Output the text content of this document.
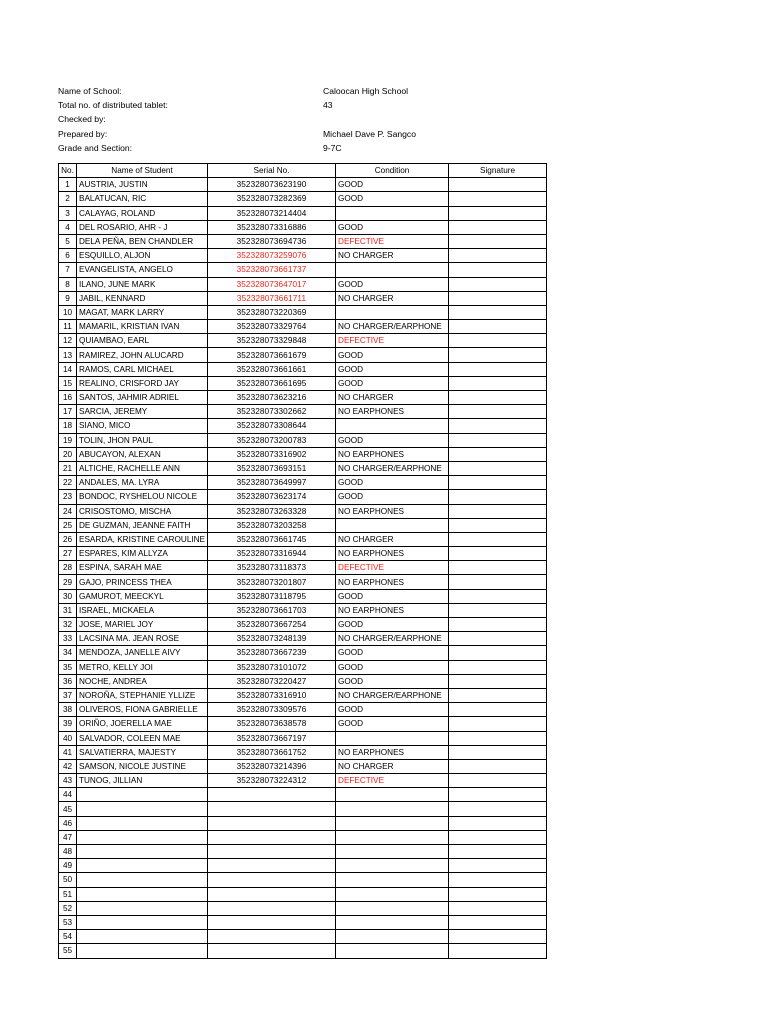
Name of School:	Caloocan High School
Total no. of distributed tablet:	43
Checked by:
Prepared by:	Michael Dave P. Sangco
Grade and Section:	9-7C
No.	Name of Student	Serial No.	Condition	Signature
1	AUSTRIA, JUSTIN	352328073623190	GOOD	
2	BALATUCAN, RIC	352328073282369	GOOD	
3	CALAYAG, ROLAND	352328073214404		
4	DEL ROSARIO, AHR - J	352328073316886	GOOD	
5	DELA PEÑA, BEN CHANDLER	352328073694736	DEFECTIVE	
6	ESQUILLO, ALJON	352328073259076	NO CHARGER	
7	EVANGELISTA, ANGELO	352328073661737		
8	ILANO, JUNE MARK	352328073647017	GOOD	
9	JABIL, KENNARD	352328073661711	NO CHARGER	
10	MAGAT, MARK LARRY	352328073220369		
11	MAMARIL, KRISTIAN IVAN	352328073329764	NO CHARGER/EARPHONE	
12	QUIAMBAO, EARL	352328073329848	DEFECTIVE	
13	RAMIREZ, JOHN ALUCARD	352328073661679	GOOD	
14	RAMOS, CARL MICHAEL	352328073661661	GOOD	
15	REALINO, CRISFORD JAY	352328073661695	GOOD	
16	SANTOS, JAHMIR ADRIEL	352328073623216	NO CHARGER	
17	SARCIA, JEREMY	352328073302662	NO EARPHONES	
18	SIANO, MICO	352328073308644		
19	TOLIN, JHON PAUL	352328073200783	GOOD	
20	ABUCAYON, ALEXAN	352328073316902	NO EARPHONES	
21	ALTICHE, RACHELLE ANN	352328073693151	NO CHARGER/EARPHONE	
22	ANDALES, MA. LYRA	352328073649997	GOOD	
23	BONDOC, RYSHELOU NICOLE	352328073623174	GOOD	
24	CRISOSTOMO, MISCHA	352328073263328	NO EARPHONES	
25	DE GUZMAN, JEANNE FAITH	352328073203258		
26	ESARDA, KRISTINE CAROULINE	352328073661745	NO CHARGER	
27	ESPARES, KIM ALLYZA	352328073316944	NO EARPHONES	
28	ESPINA, SARAH MAE	352328073118373	DEFECTIVE	
29	GAJO, PRINCESS THEA	352328073201807	NO EARPHONES	
30	GAMUROT, MEECKYL	352328073118795	GOOD	
31	ISRAEL, MICKAELA	352328073661703	NO EARPHONES	
32	JOSE, MARIEL JOY	352328073667254	GOOD	
33	LACSINA MA. JEAN ROSE	352328073248139	NO CHARGER/EARPHONE	
34	MENDOZA, JANELLE AIVY	352328073667239	GOOD	
35	METRO, KELLY JOI	352328073101072	GOOD	
36	NOCHE, ANDREA	352328073220427	GOOD	
37	NOROÑA, STEPHANIE YLLIZE	352328073316910	NO CHARGER/EARPHONE	
38	OLIVEROS, FIONA GABRIELLE	352328073309576	GOOD	
39	ORIÑO, JOERELLA MAE	352328073638578	GOOD	
40	SALVADOR, COLEEN MAE	352328073667197		
41	SALVATIERRA, MAJESTY	352328073661752	NO EARPHONES	
42	SAMSON, NICOLE JUSTINE	352328073214396	NO CHARGER	
43	TUNOG, JILLIAN	352328073224312	DEFECTIVE	
44				
45				
46				
47				
48				
49				
50				
51				
52				
53				
54				
55				
